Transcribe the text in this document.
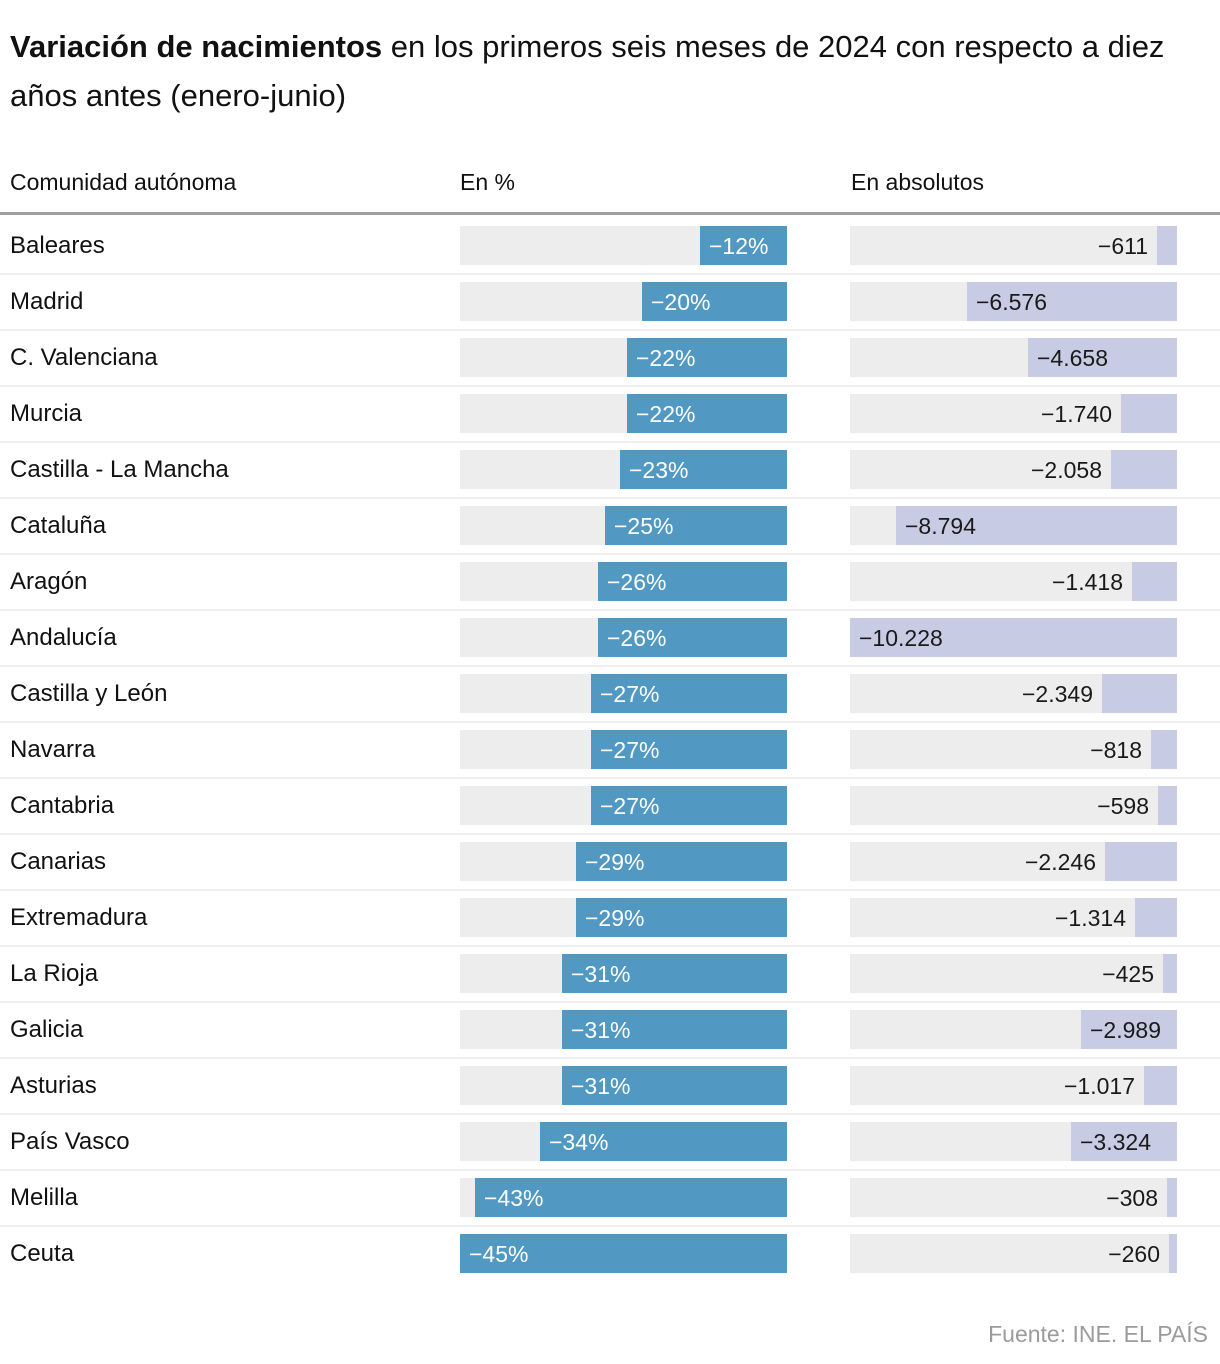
Variación de nacimientos en los primeros seis meses de 2024 con respecto a diez años antes (enero-junio)
Comunidad autónoma	En %	En absolutos
Baleares	−12%	−611
Madrid	−20%	−6.576
C. Valenciana	−22%	−4.658
Murcia	−22%	−1.740
Castilla - La Mancha	−23%	−2.058
Cataluña	−25%	−8.794
Aragón	−26%	−1.418
Andalucía	−26%	−10.228
Castilla y León	−27%	−2.349
Navarra	−27%	−818
Cantabria	−27%	−598
Canarias	−29%	−2.246
Extremadura	−29%	−1.314
La Rioja	−31%	−425
Galicia	−31%	−2.989
Asturias	−31%	−1.017
País Vasco	−34%	−3.324
Melilla	−43%	−308
Ceuta	−45%	−260
Fuente: INE. EL PAÍS
